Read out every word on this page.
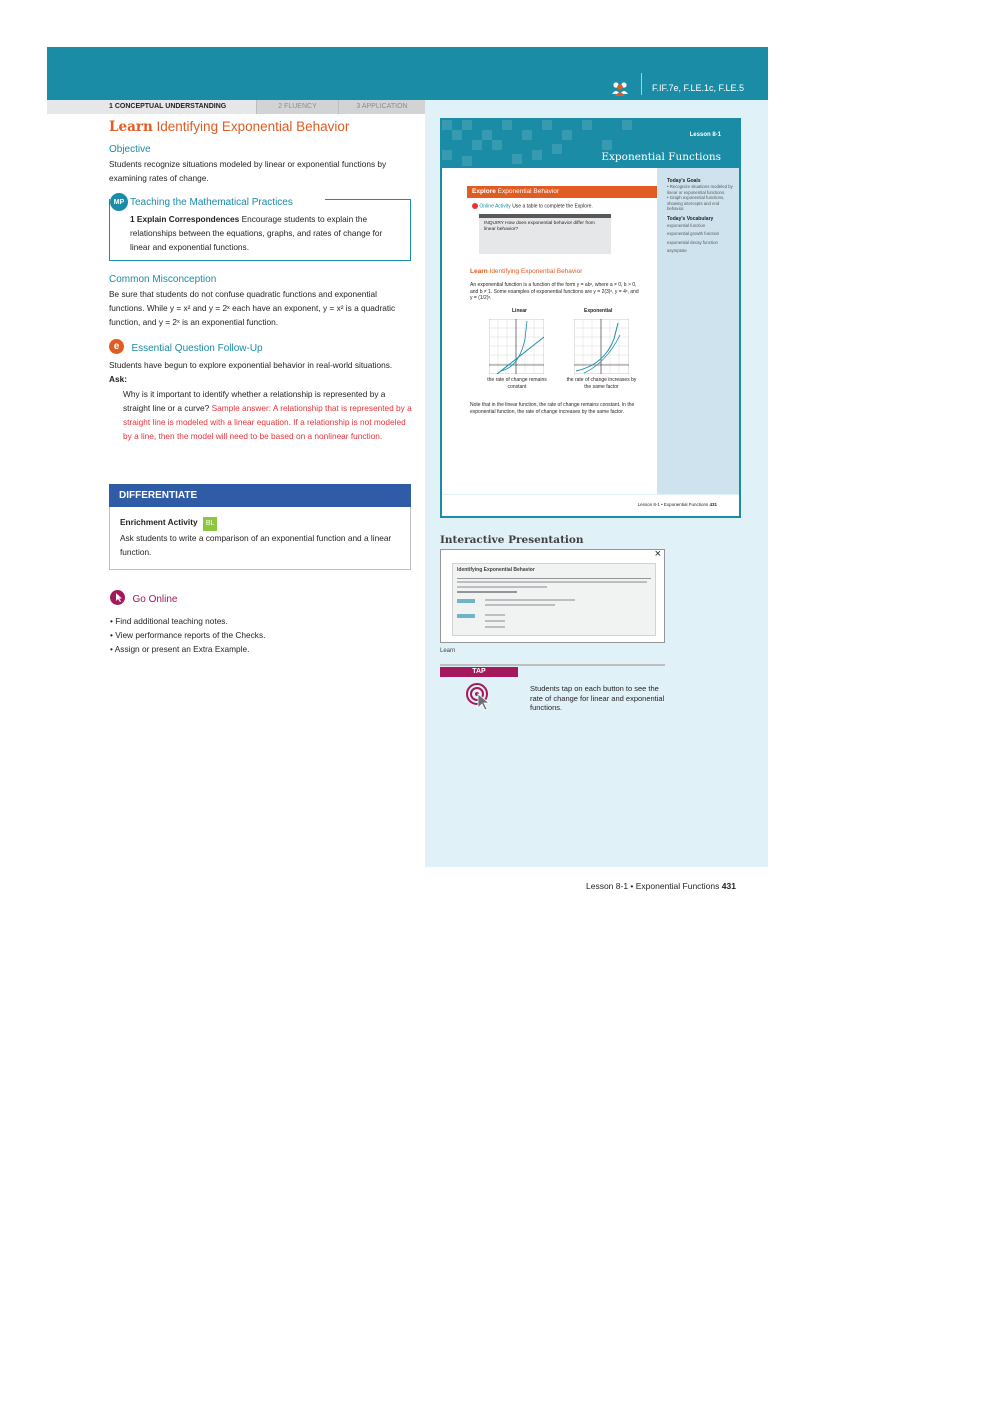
F.IF.7e, F.LE.1c, F.LE.5
1 CONCEPTUAL UNDERSTANDING	2 FLUENCY	3 APPLICATION
Learn Identifying Exponential Behavior
Objective
Students recognize situations modeled by linear or exponential functions by examining rates of change.
MP Teaching the Mathematical Practices
1 Explain Correspondences Encourage students to explain the relationships between the equations, graphs, and rates of change for linear and exponential functions.
Common Misconception
Be sure that students do not confuse quadratic functions and exponential functions. While y = x² and y = 2ˣ each have an exponent, y = x² is a quadratic function, and y = 2ˣ is an exponential function.
e Essential Question Follow-Up
Students have begun to explore exponential behavior in real-world situations.
Ask:
Why is it important to identify whether a relationship is represented by a straight line or a curve? Sample answer: A relationship that is represented by a straight line is modeled with a linear equation. If a relationship is not modeled by a line, then the model will need to be based on a nonlinear function.
DIFFERENTIATE
Enrichment Activity BL
Ask students to write a comparison of an exponential function and a linear function.
Go Online
• Find additional teaching notes.
• View performance reports of the Checks.
• Assign or present an Extra Example.
Lesson 8-1
Exponential Functions
Today's Goals
• Recognize situations modeled by linear or exponential functions.
• Graph exponential functions, showing intercepts and end behavior.
Today's Vocabulary
exponential function
exponential growth function
exponential decay function
asymptote
Explore Exponential Behavior
Online Activity Use a table to complete the Explore.
INQUIRY How does exponential behavior differ from linear behavior?
Learn Identifying Exponential Behavior
An exponential function is a function of the form y = abˣ, where a ≠ 0, b > 0, and b ≠ 1. Some examples of exponential functions are y = 2(3)ˣ, y = 4ˣ, and y = (1/2)ˣ.
Linear	Exponential
the rate of change remains constant
the rate of change increases by the same factor
Note that in the linear function, the rate of change remains constant. In the exponential function, the rate of change increases by the same factor.
Lesson 8-1 • Exponential Functions 431
Interactive Presentation
×
Identifying Exponential Behavior
Learn
TAP
Students tap on each button to see the rate of change for linear and exponential functions.
Lesson 8-1 • Exponential Functions 431
